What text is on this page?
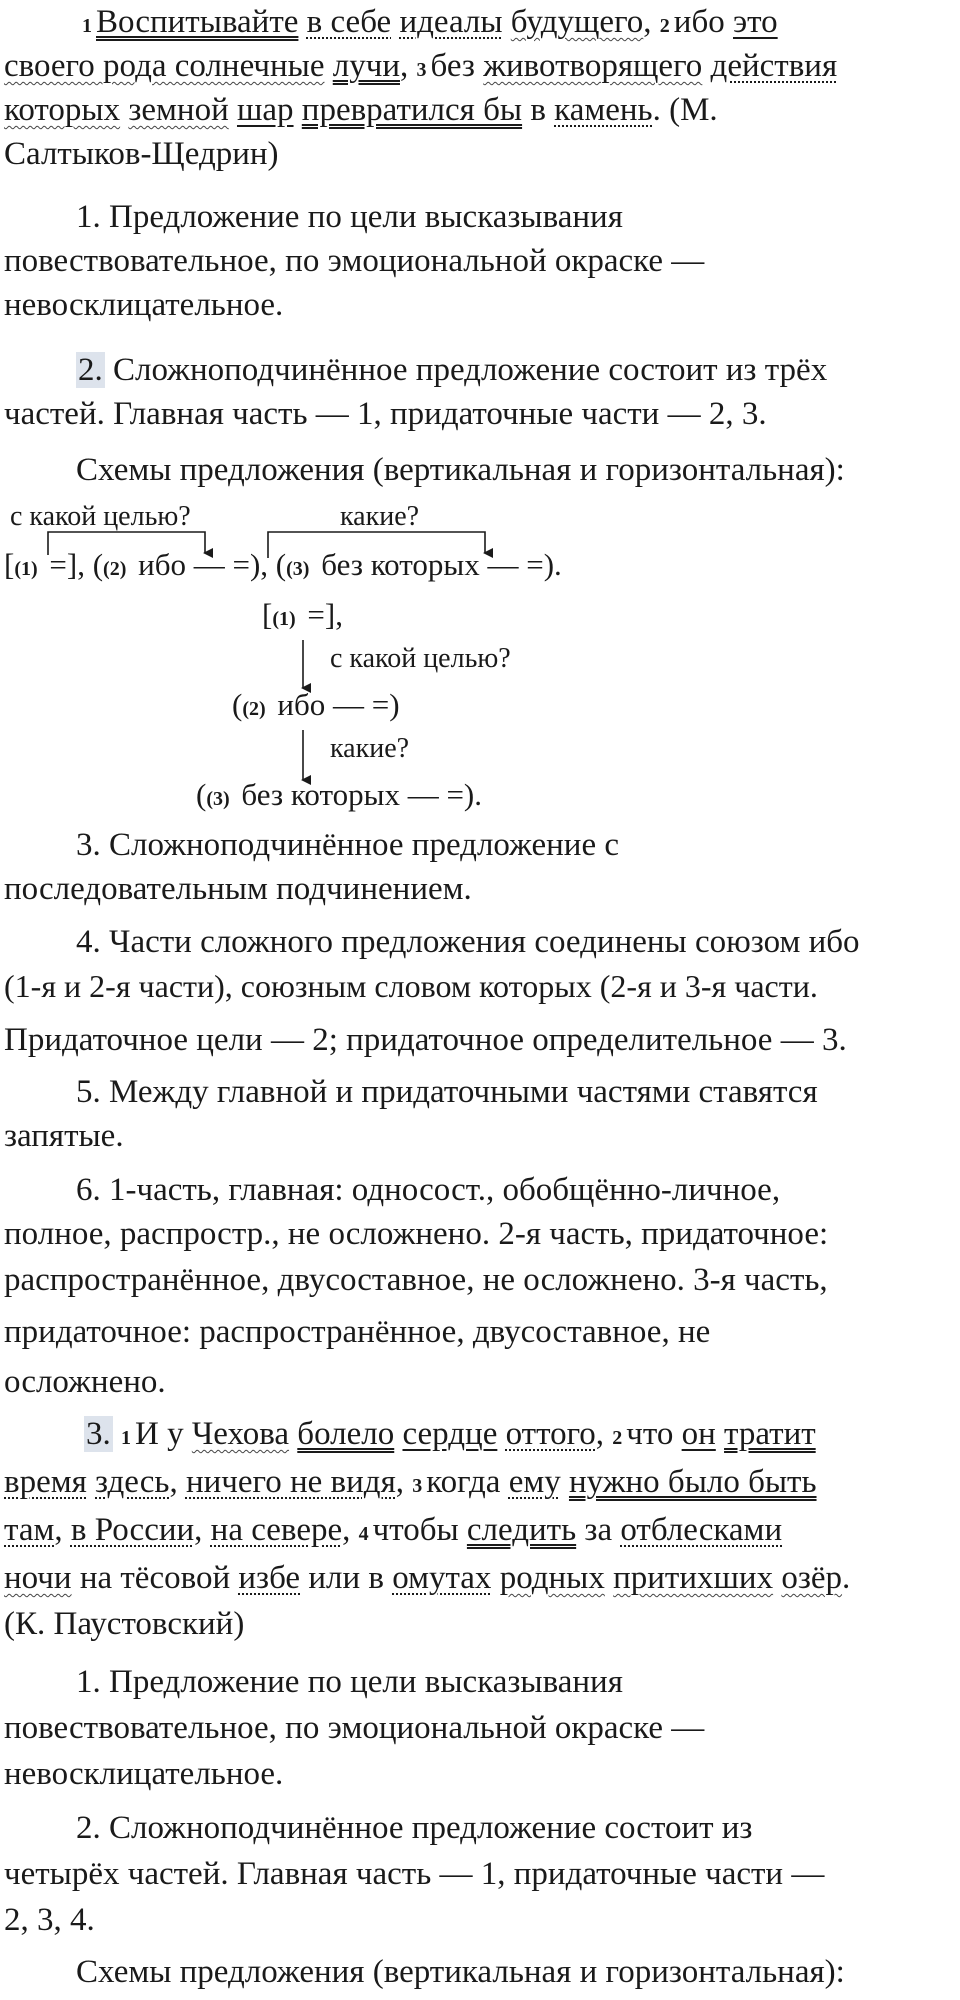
1 Воспитывайте в себе идеалы будущего, 2 ибо это
своего рода солнечные лучи, 3 без животворящего действия
которых земной шар превратился бы в камень. (М.
Салтыков-Щедрин)
1. Предложение по цели высказывания
повествовательное, по эмоциональной окраске —
невосклицательное.
2. Сложноподчинённое предложение состоит из трёх
частей. Главная часть — 1, придаточные части — 2, 3.
Схемы предложения (вертикальная и горизонтальная):
с какой целью?	какие?
[(1) =], ((2) ибо — =), ((3) без которых — =).
[(1) =],
с какой целью?
((2) ибо — =)
какие?
((3) без которых — =).
3. Сложноподчинённое предложение с
последовательным подчинением.
4. Части сложного предложения соединены союзом ибо
(1-я и 2-я части), союзным словом которых (2-я и 3-я части.
Придаточное цели — 2; придаточное определительное — 3.
5. Между главной и придаточными частями ставятся
запятые.
6. 1-часть, главная: односост., обобщённо-личное,
полное, распростр., не осложнено. 2-я часть, придаточное:
распространённое, двусоставное, не осложнено. 3-я часть,
придаточное: распространённое, двусоставное, не
осложнено.
3. 1 И у Чехова болело сердце оттого, 2 что он тратит
время здесь, ничего не видя, 3 когда ему нужно было быть
там, в России, на севере, 4 чтобы следить за отблесками
ночи на тёсовой избе или в омутах родных притихших озёр.
(К. Паустовский)
1. Предложение по цели высказывания
повествовательное, по эмоциональной окраске —
невосклицательное.
2. Сложноподчинённое предложение состоит из
четырёх частей. Главная часть — 1, придаточные части —
2, 3, 4.
Схемы предложения (вертикальная и горизонтальная):
